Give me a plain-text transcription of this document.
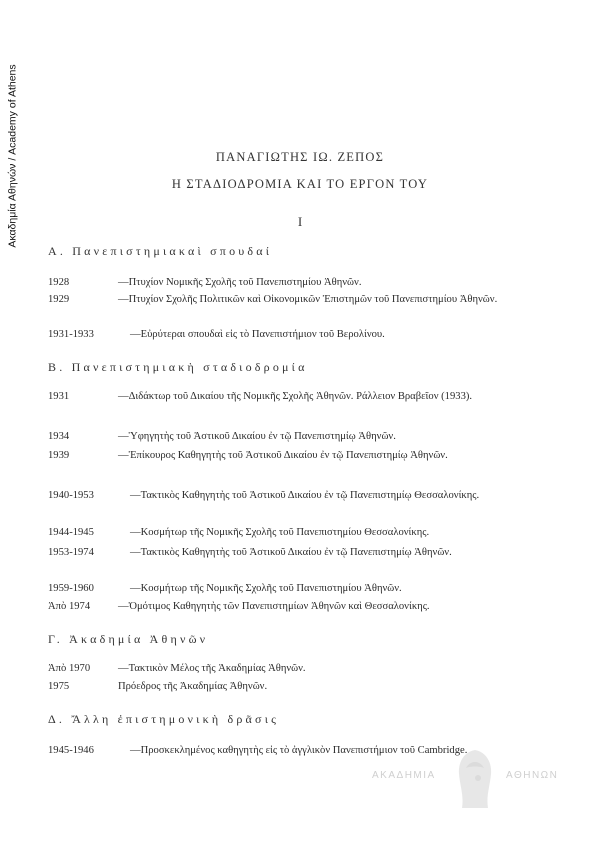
Ακαδημία Αθηνών / Academy of Athens	ΠΑΝΑΓΙΩΤΗΣ ΙΩ. ΖΕΠΟΣ
Η ΣΤΑΔΙΟΔΡΟΜΙΑ ΚΑΙ ΤΟ ΕΡΓΟΝ ΤΟΥ
I
Α. Πανεπιστημιακαὶ σπουδαί
1928	—Πτυχίον Νομικῆς Σχολῆς τοῦ Πανεπιστημίου Ἀθηνῶν.
1929	—Πτυχίον Σχολῆς Πολιτικῶν καὶ Οἰκονομικῶν Ἐπιστημῶν τοῦ Πανεπιστημίου Ἀθηνῶν.
1931-1933	—Εὐρύτεραι σπουδαὶ εἰς τὸ Πανεπιστήμιον τοῦ Βερολίνου.
Β. Πανεπιστημιακὴ σταδιοδρομία
1931	—Διδάκτωρ τοῦ Δικαίου τῆς Νομικῆς Σχολῆς Ἀθηνῶν. Ράλλειον Βραβεῖον (1933).
1934	—Ὑφηγητὴς τοῦ Ἀστικοῦ Δικαίου ἐν τῷ Πανεπιστημίῳ Ἀθηνῶν.
1939	—Ἐπίκουρος Καθηγητὴς τοῦ Ἀστικοῦ Δικαίου ἐν τῷ Πανεπιστημίῳ Ἀθηνῶν.
1940-1953	—Τακτικὸς Καθηγητὴς τοῦ Ἀστικοῦ Δικαίου ἐν τῷ Πανεπιστημίῳ Θεσσαλονίκης.
1944-1945	—Κοσμήτωρ τῆς Νομικῆς Σχολῆς τοῦ Πανεπιστημίου Θεσσαλονίκης.
1953-1974	—Τακτικὸς Καθηγητὴς τοῦ Ἀστικοῦ Δικαίου ἐν τῷ Πανεπιστημίῳ Ἀθηνῶν.
1959-1960	—Κοσμήτωρ τῆς Νομικῆς Σχολῆς τοῦ Πανεπιστημίου Ἀθηνῶν.
Ἀπὸ 1974	—Ὁμότιμος Καθηγητὴς τῶν Πανεπιστημίων Ἀθηνῶν καὶ Θεσσαλονίκης.
Γ. Ἀκαδημία Ἀθηνῶν
Ἀπὸ 1970	—Τακτικὸν Μέλος τῆς Ἀκαδημίας Ἀθηνῶν.
1975	Πρόεδρος τῆς Ἀκαδημίας Ἀθηνῶν.
Δ. Ἄλλη ἐπιστημονικὴ δρᾶσις
1945-1946	—Προσκεκλημένος καθηγητὴς εἰς τὸ ἀγγλικὸν Πανεπιστήμιον τοῦ Cambridge.
ΑΚΑΔΗΜΙΑ	ΑΘΗΝΩΝ
